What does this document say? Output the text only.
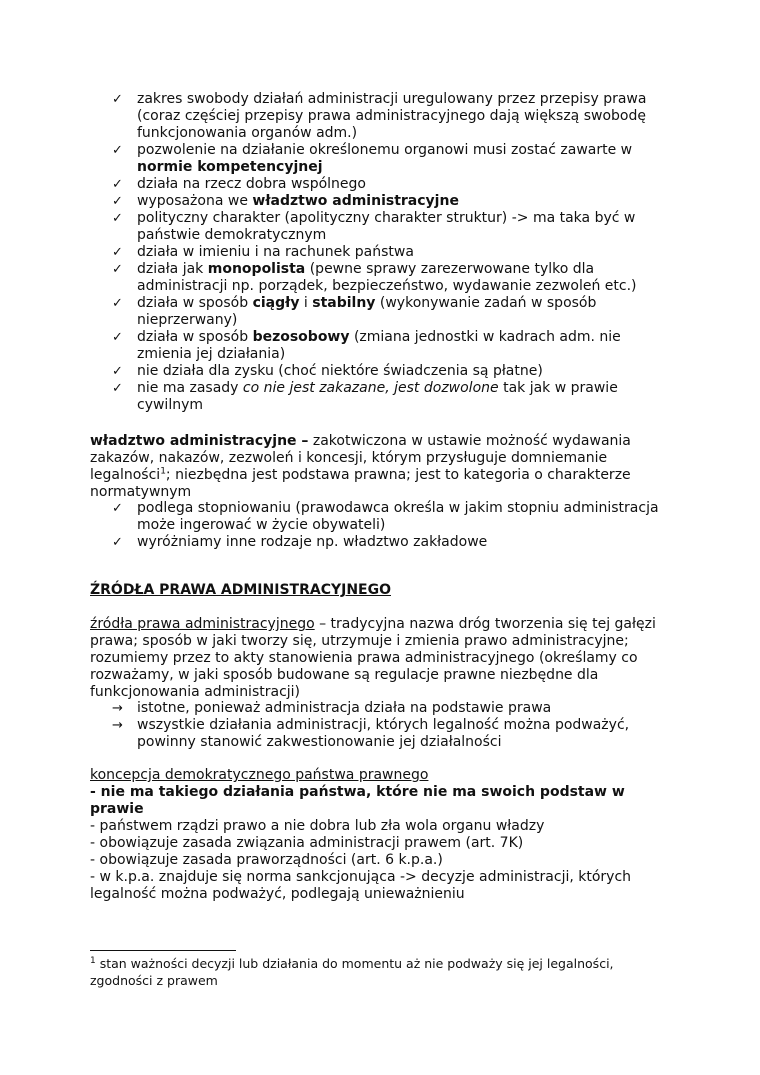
✓	zakres swobody działań administracji uregulowany przez przepisy prawa (coraz częściej przepisy prawa administracyjnego dają większą swobodę funkcjonowania organów adm.)
✓	pozwolenie na działanie określonemu organowi musi zostać zawarte w normie kompetencyjnej
✓	działa na rzecz dobra wspólnego
✓	wyposażona we władztwo administracyjne
✓	polityczny charakter (apolityczny charakter struktur) -> ma taka być w państwie demokratycznym
✓	działa w imieniu i na rachunek państwa
✓	działa jak monopolista (pewne sprawy zarezerwowane tylko dla administracji np. porządek, bezpieczeństwo, wydawanie zezwoleń etc.)
✓	działa w sposób ciągły i stabilny (wykonywanie zadań w sposób nieprzerwany)
✓	działa w sposób bezosobowy (zmiana jednostki w kadrach adm. nie zmienia jej działania)
✓	nie działa dla zysku (choć niektóre świadczenia są płatne)
✓	nie ma zasady co nie jest zakazane, jest dozwolone tak jak w prawie cywilnym

władztwo administracyjne – zakotwiczona w ustawie możność wydawania zakazów, nakazów, zezwoleń i koncesji, którym przysługuje domniemanie legalności$^1$; niezbędna jest podstawa prawna; jest to kategoria o charakterze normatywnym

✓	podlega stopniowaniu (prawodawca określa w jakim stopniu administracja może ingerować w życie obywateli)
✓	wyróżniamy inne rodzaje np. władztwo zakładowe
ŹRÓDŁA PRAWA ADMINISTRACYJNEGO

źródła prawa administracyjnego – tradycyjna nazwa dróg tworzenia się tej gałęzi prawa; sposób w jaki tworzy się, utrzymuje i zmienia prawo administracyjne; rozumiemy przez to akty stanowienia prawa administracyjnego (określamy co rozważamy, w jaki sposób budowane są regulacje prawne niezbędne dla funkcjonowania administracji)

→ istotne, ponieważ administracja działa na podstawie prawa
→ wszystkie działania administracji, których legalność można podważyć, powinny stanowić zakwestionowanie jej działalności

koncepcja demokratycznego państwa prawnego
- nie ma takiego działania państwa, które nie ma swoich podstaw w prawie
- państwem rządzi prawo a nie dobra lub zła wola organu władzy
- obowiązuje zasada związania administracji prawem (art. 7K)
- obowiązuje zasada praworządności (art. 6 k.p.a.)
- w k.p.a. znajduje się norma sankcjonująca -> decyzje administracji, których legalność można podważyć, podlegają unieważnieniu

$^1$ stan ważności decyzji lub działania do momentu aż nie podważy się jej legalności, zgodności z prawem
